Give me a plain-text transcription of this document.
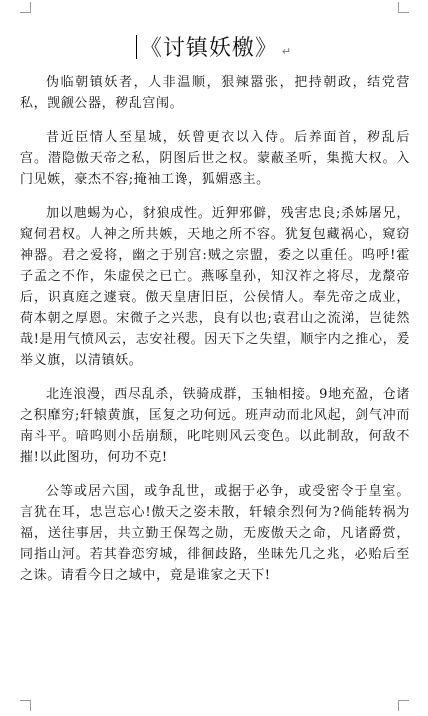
《讨镇妖檄》 ↵

伪临朝镇妖者，人非温顺，狠辣嚣张，把持朝政，结党营私，觊觎公器，秽乱宫闱。

昔近臣情人至星城，妖曾更衣以入侍。后养面首，秽乱后宫。潜隐傲天帝之私，阴图后世之权。蒙蔽圣听，集揽大权。入门见嫉，豪杰不容;掩袖工谗，狐媚惑主。

加以虺蜴为心，豺狼成性。近狎邪僻，残害忠良;杀姊屠兄，窥伺君权。人神之所共嫉，天地之所不容。犹复包藏祸心，窥窃神器。君之爱将，幽之于别宫:贼之宗盟，委之以重任。呜呼!霍子孟之不作，朱虚侯之已亡。燕啄皇孙，知汉祚之将尽，龙漦帝后，识真庭之遽衰。傲天皇唐旧臣，公侯情人。奉先帝之成业，荷本朝之厚恩。宋微子之兴悲，良有以也;袁君山之流涕，岂徒然哉!是用气愤风云，志安社稷。因天下之失望，顺宇内之推心，爰举义旗，以清镇妖。

北连浪漫，西尽乱杀，铁骑成群，玉轴相接。9地充盈，仓诸之积靡穷;轩辕黄旗，匡复之功何远。班声动而北风起，剑气冲而南斗平。喑呜则小岳崩颓，叱咤则风云变色。以此制敌，何敌不摧!以此图功，何功不克!

公等或居六国，或争乱世，或据于必争，或受密令于皇室。言犹在耳，忠岂忘心!傲天之姿未散，轩辕余烈何为?倘能转祸为福，送往事居，共立勤王保驾之勋，无废傲天之命，凡诸爵赏，同指山河。若其眷恋穷城，徘徊歧路，坐昧先几之兆，必贻后至之诛。请看今日之域中，竟是谁家之天下!
